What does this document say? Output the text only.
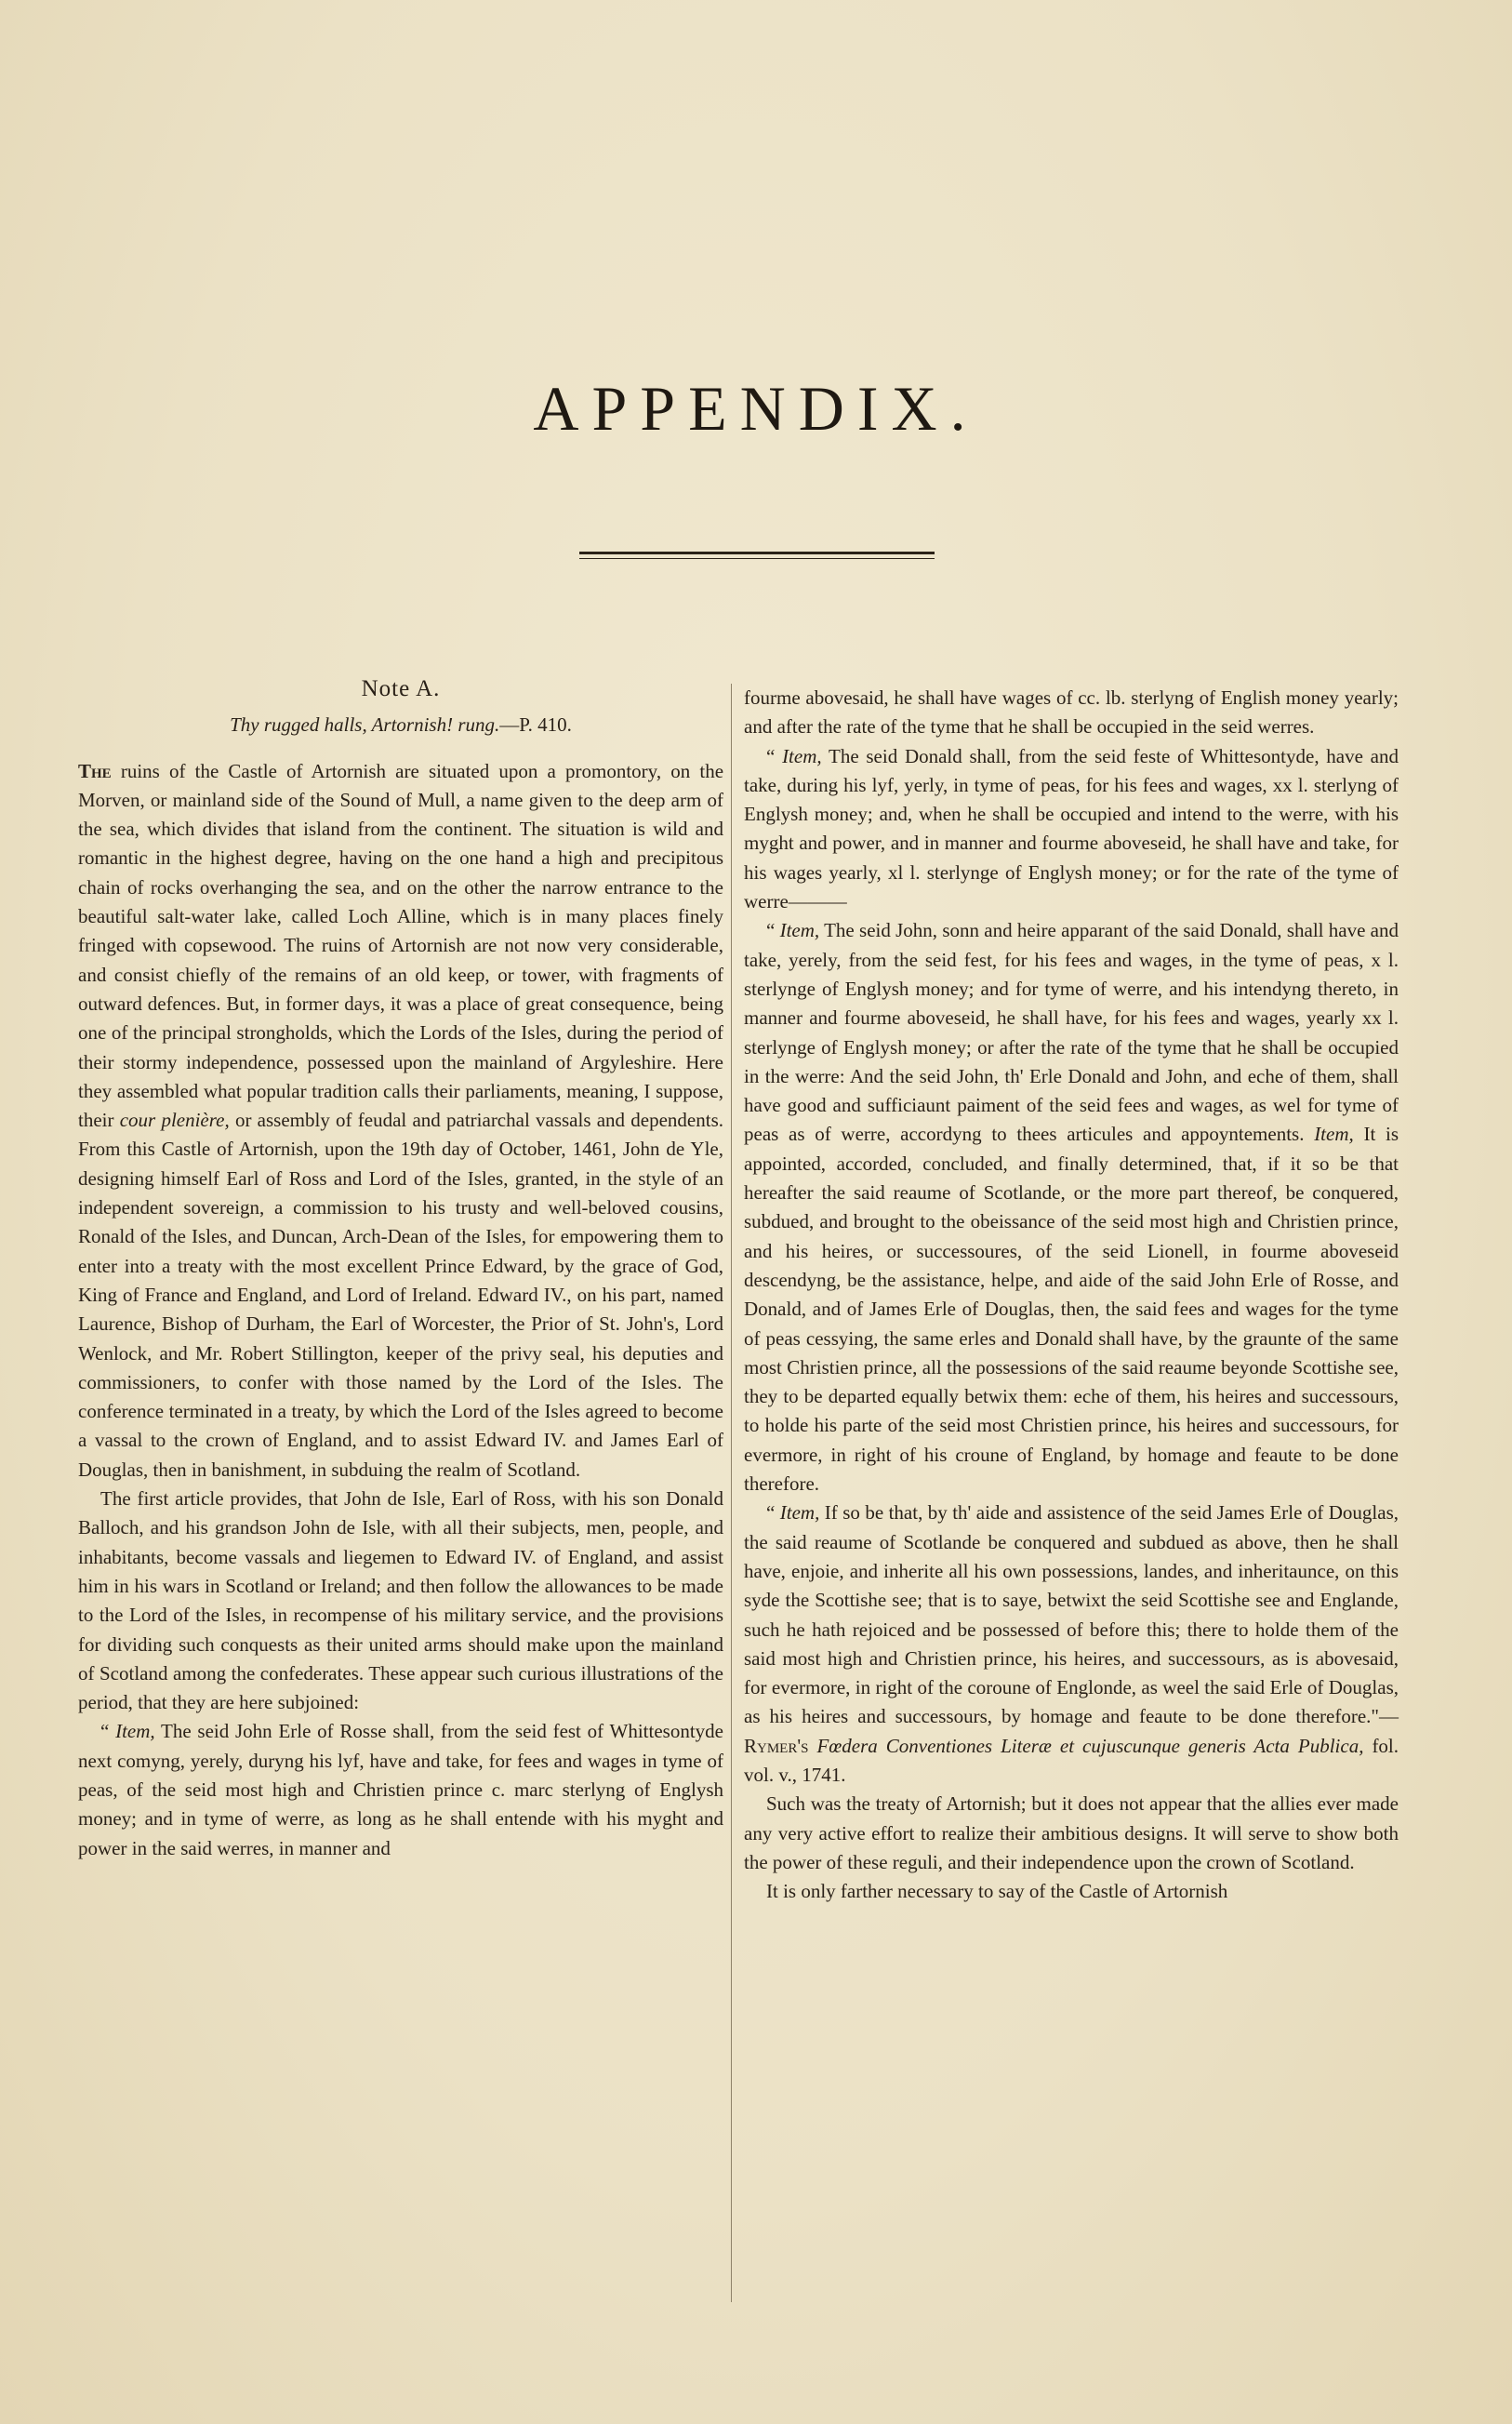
APPENDIX.
Note A.
Thy rugged halls, Artornish! rung.—P. 410.

The ruins of the Castle of Artornish are situated upon a promontory, on the Morven, or mainland side of the Sound of Mull, a name given to the deep arm of the sea, which divides that island from the continent. The situation is wild and romantic in the highest degree, having on the one hand a high and precipitous chain of rocks overhanging the sea, and on the other the narrow entrance to the beautiful salt-water lake, called Loch Alline, which is in many places finely fringed with copsewood. The ruins of Artornish are not now very considerable, and consist chiefly of the remains of an old keep, or tower, with fragments of outward defences. But, in former days, it was a place of great consequence, being one of the principal strongholds, which the Lords of the Isles, during the period of their stormy independence, possessed upon the mainland of Argyleshire. Here they assembled what popular tradition calls their parliaments, meaning, I suppose, their cour plenière, or assembly of feudal and patriarchal vassals and dependents. From this Castle of Artornish, upon the 19th day of October, 1461, John de Yle, designing himself Earl of Ross and Lord of the Isles, granted, in the style of an independent sovereign, a commission to his trusty and well-beloved cousins, Ronald of the Isles, and Duncan, Arch-Dean of the Isles, for empowering them to enter into a treaty with the most excellent Prince Edward, by the grace of God, King of France and England, and Lord of Ireland. Edward IV., on his part, named Laurence, Bishop of Durham, the Earl of Worcester, the Prior of St. John's, Lord Wenlock, and Mr. Robert Stillington, keeper of the privy seal, his deputies and commissioners, to confer with those named by the Lord of the Isles. The conference terminated in a treaty, by which the Lord of the Isles agreed to become a vassal to the crown of England, and to assist Edward IV. and James Earl of Douglas, then in banishment, in subduing the realm of Scotland.

The first article provides, that John de Isle, Earl of Ross, with his son Donald Balloch, and his grandson John de Isle, with all their subjects, men, people, and inhabitants, become vassals and liegemen to Edward IV. of England, and assist him in his wars in Scotland or Ireland; and then follow the allowances to be made to the Lord of the Isles, in recompense of his military service, and the provisions for dividing such conquests as their united arms should make upon the mainland of Scotland among the confederates. These appear such curious illustrations of the period, that they are here subjoined:

“ Item, The seid John Erle of Rosse shall, from the seid fest of Whittesontyde next comyng, yerely, duryng his lyf, have and take, for fees and wages in tyme of peas, of the seid most high and Christien prince c. marc sterlyng of Englysh money; and in tyme of werre, as long as he shall entende with his myght and power in the said werres, in manner and

fourme abovesaid, he shall have wages of cc. lb. sterlyng of English money yearly; and after the rate of the tyme that he shall be occupied in the seid werres.

“ Item, The seid Donald shall, from the seid feste of Whittesontyde, have and take, during his lyf, yerly, in tyme of peas, for his fees and wages, xx l. sterlyng of Englysh money; and, when he shall be occupied and intend to the werre, with his myght and power, and in manner and fourme aboveseid, he shall have and take, for his wages yearly, xl l. sterlynge of Englysh money; or for the rate of the tyme of werre———

“ Item, The seid John, sonn and heire apparant of the said Donald, shall have and take, yerely, from the seid fest, for his fees and wages, in the tyme of peas, x l. sterlynge of Englysh money; and for tyme of werre, and his intendyng thereto, in manner and fourme aboveseid, he shall have, for his fees and wages, yearly xx l. sterlynge of Englysh money; or after the rate of the tyme that he shall be occupied in the werre: And the seid John, th' Erle Donald and John, and eche of them, shall have good and sufficiaunt paiment of the seid fees and wages, as wel for tyme of peas as of werre, accordyng to thees articules and appoyntements. Item, It is appointed, accorded, concluded, and finally determined, that, if it so be that hereafter the said reaume of Scotlande, or the more part thereof, be conquered, subdued, and brought to the obeissance of the seid most high and Christien prince, and his heires, or successoures, of the seid Lionell, in fourme aboveseid descendyng, be the assistance, helpe, and aide of the said John Erle of Rosse, and Donald, and of James Erle of Douglas, then, the said fees and wages for the tyme of peas cessying, the same erles and Donald shall have, by the graunte of the same most Christien prince, all the possessions of the said reaume beyonde Scottishe see, they to be departed equally betwix them: eche of them, his heires and successours, to holde his parte of the seid most Christien prince, his heires and successours, for evermore, in right of his croune of England, by homage and feaute to be done therefore.

“ Item, If so be that, by th' aide and assistence of the seid James Erle of Douglas, the said reaume of Scotlande be conquered and subdued as above, then he shall have, enjoie, and inherite all his own possessions, landes, and inheritaunce, on this syde the Scottishe see; that is to saye, betwixt the seid Scottishe see and Englande, such he hath rejoiced and be possessed of before this; there to holde them of the said most high and Christien prince, his heires, and successours, as is abovesaid, for evermore, in right of the coroune of Englonde, as weel the said Erle of Douglas, as his heires and successours, by homage and feaute to be done therefore."—Rymer's Fœdera Conventiones Literæ et cujuscunque generis Acta Publica, fol. vol. v., 1741.

Such was the treaty of Artornish; but it does not appear that the allies ever made any very active effort to realize their ambitious designs. It will serve to show both the power of these reguli, and their independence upon the crown of Scotland.

It is only farther necessary to say of the Castle of Artornish
